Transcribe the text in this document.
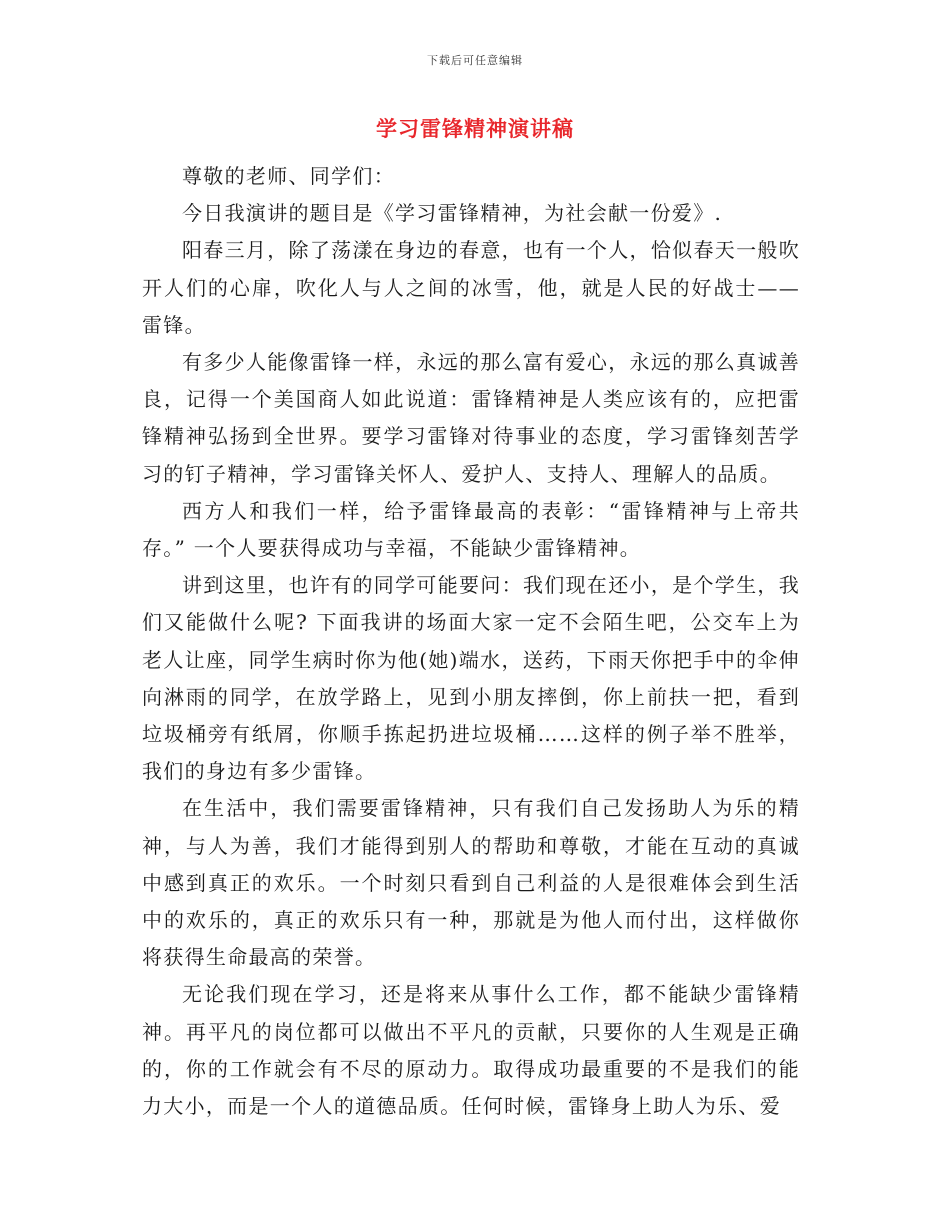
下载后可任意编辑
学习雷锋精神演讲稿

尊敬的老师、同学们：

今日我演讲的题目是《学习雷锋精神，为社会献一份爱》.

阳春三月，除了荡漾在身边的春意，也有一个人，恰似春天一般吹开人们的心扉，吹化人与人之间的冰雪，他，就是人民的好战士——雷锋。

有多少人能像雷锋一样，永远的那么富有爱心，永远的那么真诚善良，记得一个美国商人如此说道：雷锋精神是人类应该有的，应把雷锋精神弘扬到全世界。要学习雷锋对待事业的态度，学习雷锋刻苦学习的钉子精神，学习雷锋关怀人、爱护人、支持人、理解人的品质。

西方人和我们一样，给予雷锋最高的表彰：“雷锋精神与上帝共存。” 一个人要获得成功与幸福，不能缺少雷锋精神。

讲到这里，也许有的同学可能要问：我们现在还小，是个学生，我们又能做什么呢? 下面我讲的场面大家一定不会陌生吧，公交车上为老人让座，同学生病时你为他(她)端水，送药，下雨天你把手中的伞伸向淋雨的同学，在放学路上，见到小朋友摔倒，你上前扶一把，看到垃圾桶旁有纸屑，你顺手拣起扔进垃圾桶……这样的例子举不胜举，我们的身边有多少雷锋。

在生活中，我们需要雷锋精神，只有我们自己发扬助人为乐的精神，与人为善，我们才能得到别人的帮助和尊敬，才能在互动的真诚中感到真正的欢乐。一个时刻只看到自己利益的人是很难体会到生活中的欢乐的，真正的欢乐只有一种，那就是为他人而付出，这样做你将获得生命最高的荣誉。

无论我们现在学习，还是将来从事什么工作，都不能缺少雷锋精神。再平凡的岗位都可以做出不平凡的贡献，只要你的人生观是正确的，你的工作就会有不尽的原动力。取得成功最重要的不是我们的能力大小，而是一个人的道德品质。任何时候，雷锋身上助人为乐、爱
